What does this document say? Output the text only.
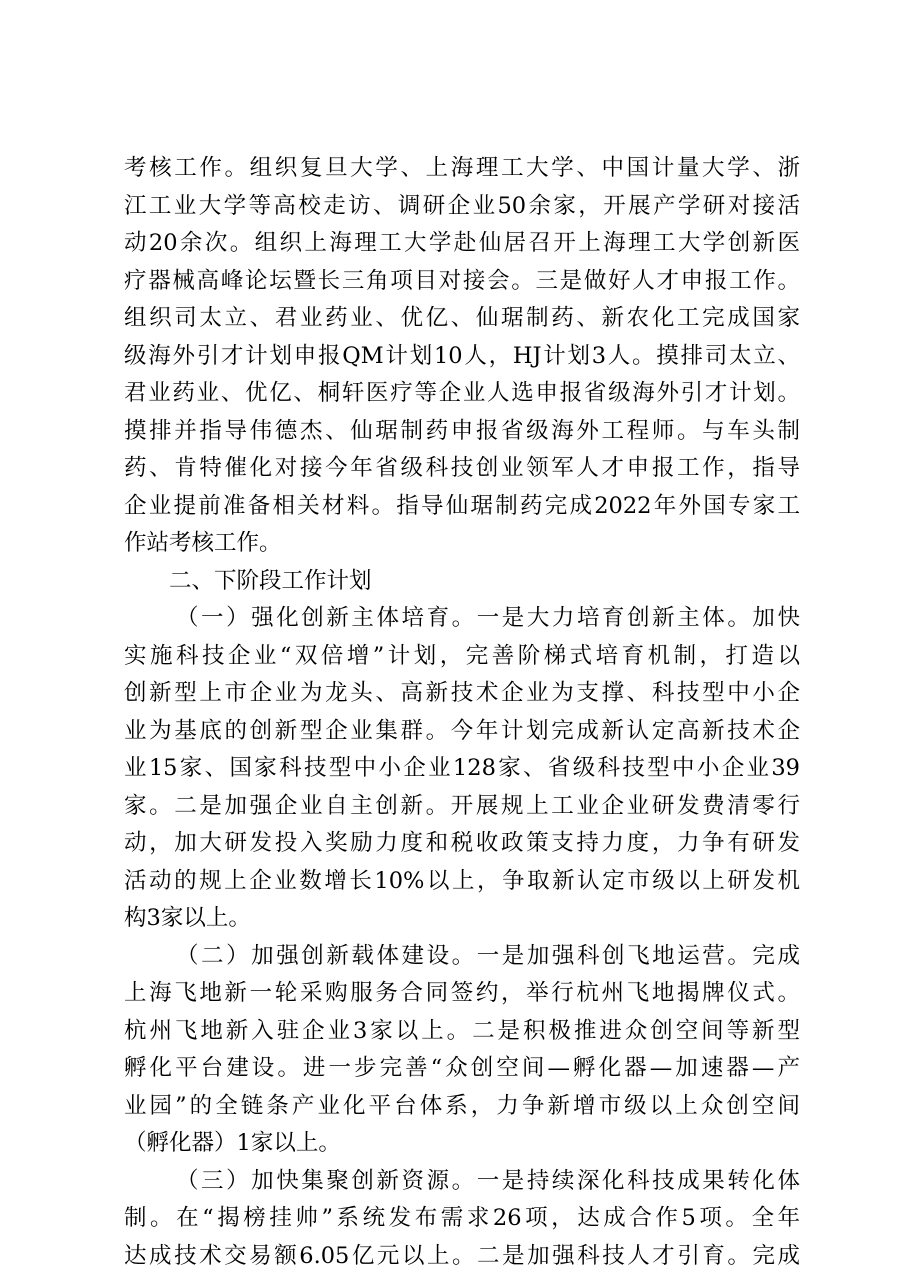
考核工作。组织复旦大学、上海理工大学、中国计量大学、浙
江工业大学等高校走访、调研企业50余家，开展产学研对接活
动20余次。组织上海理工大学赴仙居召开上海理工大学创新医
疗器械高峰论坛暨长三角项目对接会。三是做好人才申报工作。
组织司太立、君业药业、优亿、仙琚制药、新农化工完成国家
级海外引才计划申报QM计划10人，HJ计划3人。摸排司太立、
君业药业、优亿、桐轩医疗等企业人选申报省级海外引才计划。
摸排并指导伟德杰、仙琚制药申报省级海外工程师。与车头制
药、肯特催化对接今年省级科技创业领军人才申报工作，指导
企业提前准备相关材料。指导仙琚制药完成2022年外国专家工
作站考核工作。
二、下阶段工作计划
（一）强化创新主体培育。一是大力培育创新主体。加快
实施科技企业“双倍增”计划，完善阶梯式培育机制，打造以
创新型上市企业为龙头、高新技术企业为支撑、科技型中小企
业为基底的创新型企业集群。今年计划完成新认定高新技术企
业15家、国家科技型中小企业128家、省级科技型中小企业39
家。二是加强企业自主创新。开展规上工业企业研发费清零行
动，加大研发投入奖励力度和税收政策支持力度，力争有研发
活动的规上企业数增长10%以上，争取新认定市级以上研发机
构3家以上。
（二）加强创新载体建设。一是加强科创飞地运营。完成
上海飞地新一轮采购服务合同签约，举行杭州飞地揭牌仪式。
杭州飞地新入驻企业3家以上。二是积极推进众创空间等新型
孵化平台建设。进一步完善“众创空间—孵化器—加速器—产
业园”的全链条产业化平台体系，力争新增市级以上众创空间
（孵化器）1家以上。
（三）加快集聚创新资源。一是持续深化科技成果转化体
制。在“揭榜挂帅”系统发布需求26项，达成合作5项。全年
达成技术交易额6.05亿元以上。二是加强科技人才引育。完成
